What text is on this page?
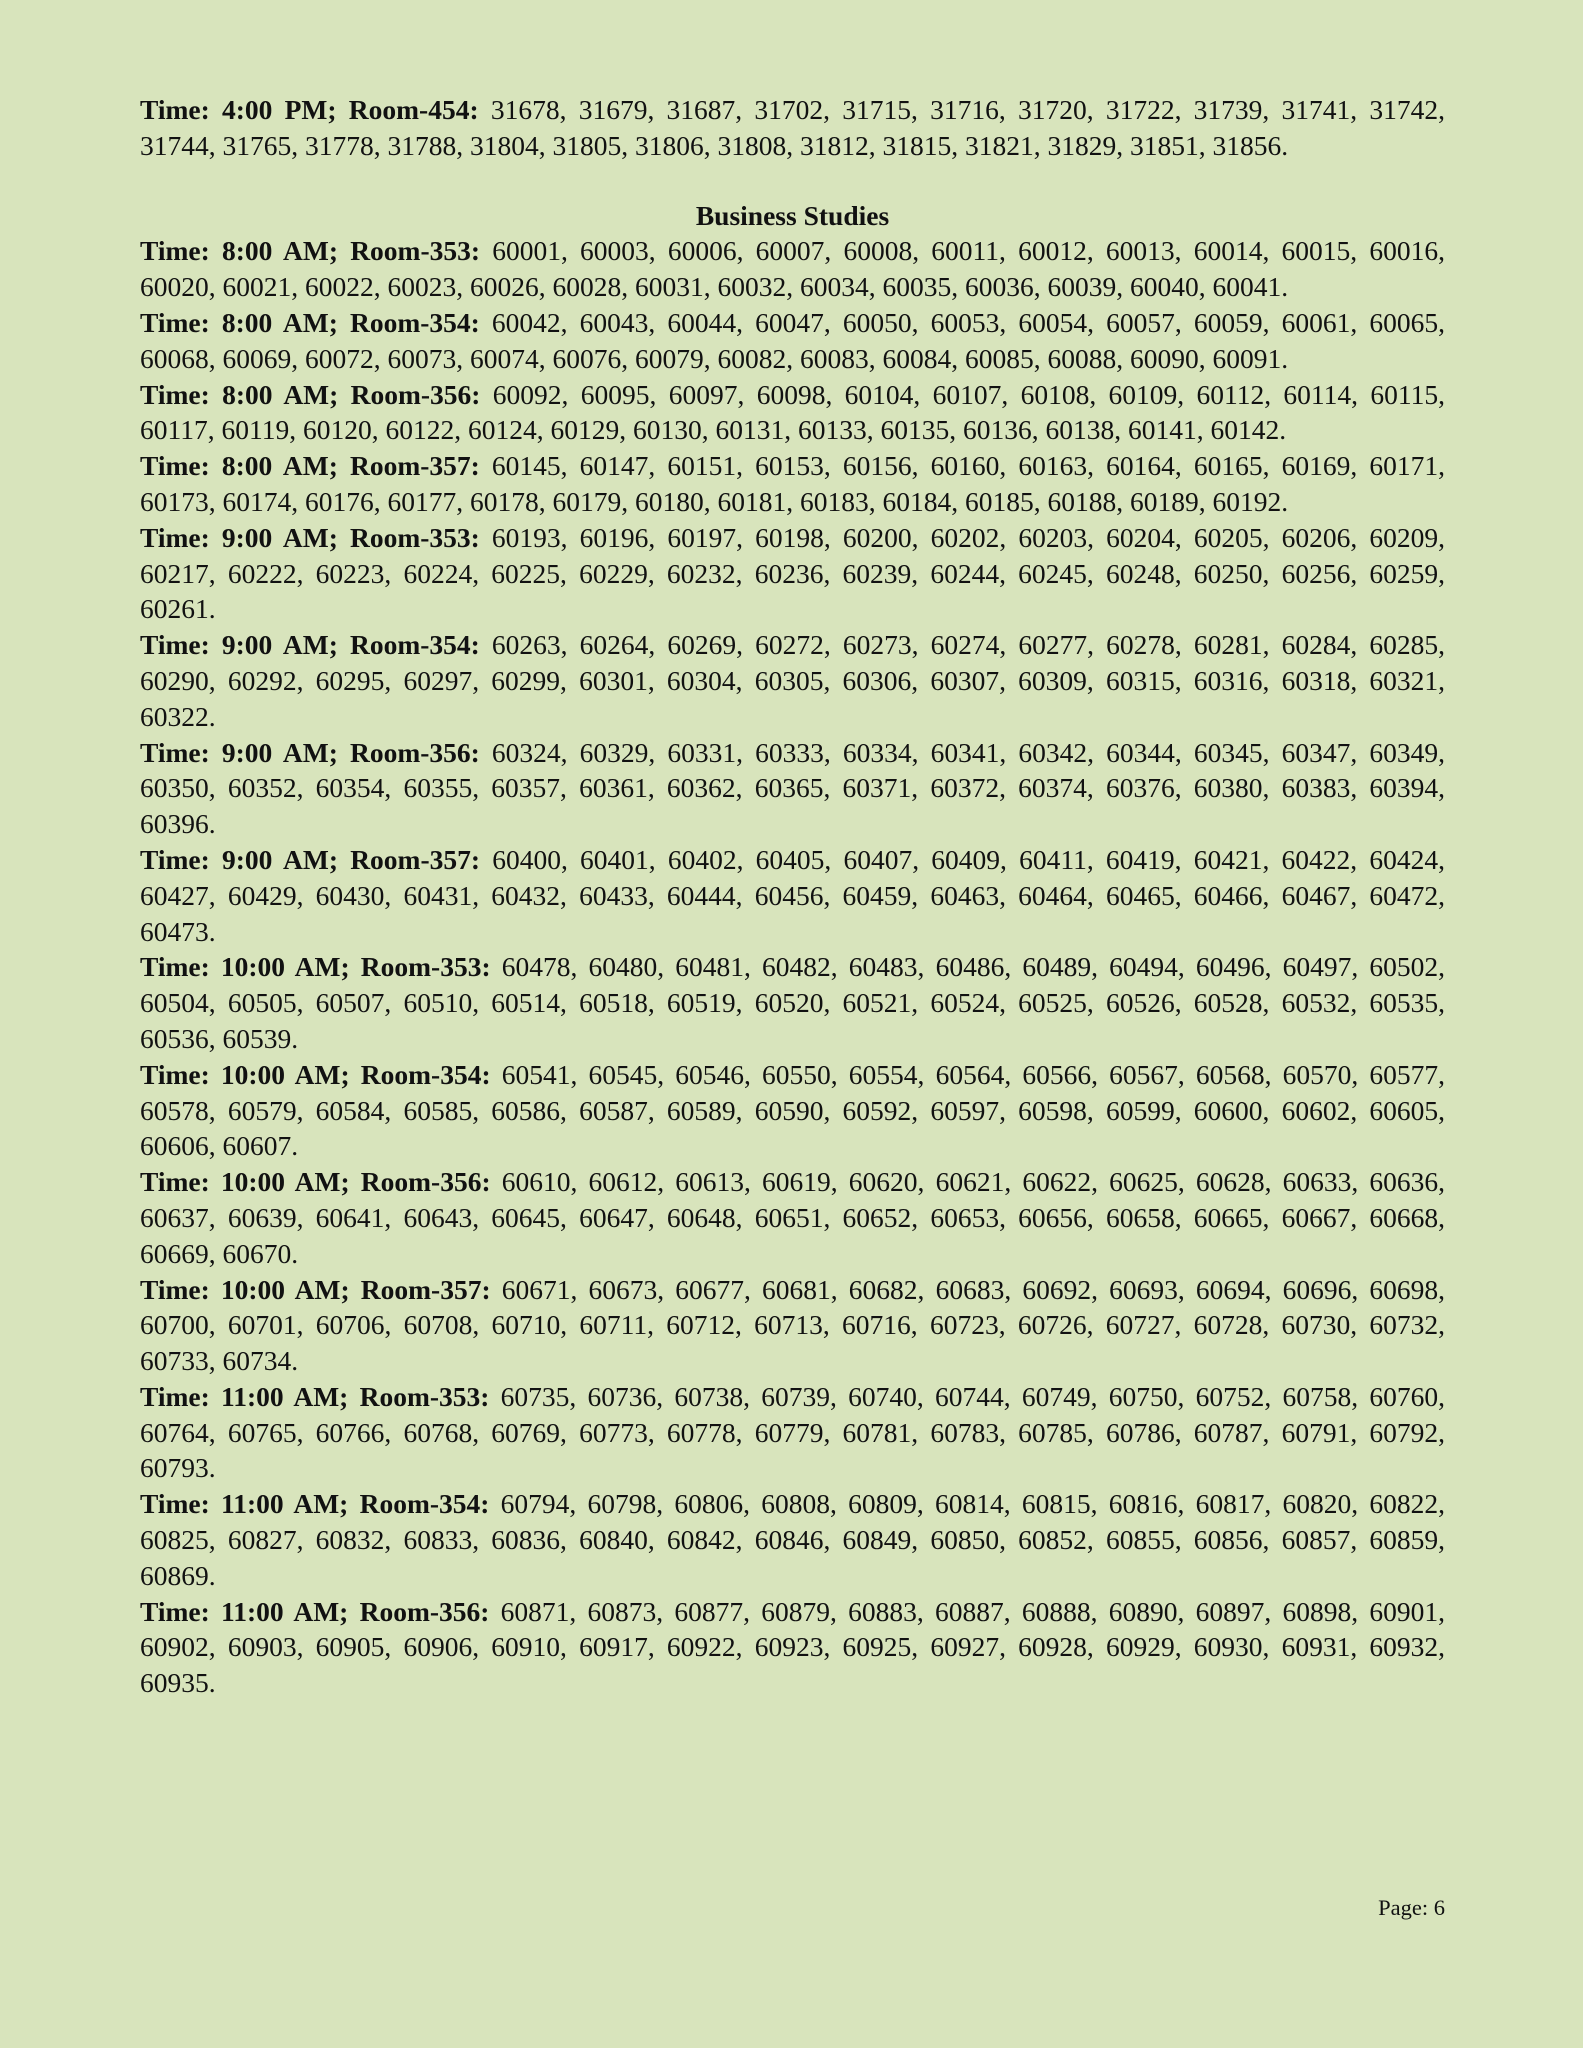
Time: 4:00 PM; Room-454: 31678, 31679, 31687, 31702, 31715, 31716, 31720, 31722, 31739, 31741, 31742, 31744, 31765, 31778, 31788, 31804, 31805, 31806, 31808, 31812, 31815, 31821, 31829, 31851, 31856.

Business Studies

Time: 8:00 AM; Room-353: 60001, 60003, 60006, 60007, 60008, 60011, 60012, 60013, 60014, 60015, 60016, 60020, 60021, 60022, 60023, 60026, 60028, 60031, 60032, 60034, 60035, 60036, 60039, 60040, 60041.

Time: 8:00 AM; Room-354: 60042, 60043, 60044, 60047, 60050, 60053, 60054, 60057, 60059, 60061, 60065, 60068, 60069, 60072, 60073, 60074, 60076, 60079, 60082, 60083, 60084, 60085, 60088, 60090, 60091.

Time: 8:00 AM; Room-356: 60092, 60095, 60097, 60098, 60104, 60107, 60108, 60109, 60112, 60114, 60115, 60117, 60119, 60120, 60122, 60124, 60129, 60130, 60131, 60133, 60135, 60136, 60138, 60141, 60142.

Time: 8:00 AM; Room-357: 60145, 60147, 60151, 60153, 60156, 60160, 60163, 60164, 60165, 60169, 60171, 60173, 60174, 60176, 60177, 60178, 60179, 60180, 60181, 60183, 60184, 60185, 60188, 60189, 60192.

Time: 9:00 AM; Room-353: 60193, 60196, 60197, 60198, 60200, 60202, 60203, 60204, 60205, 60206, 60209, 60217, 60222, 60223, 60224, 60225, 60229, 60232, 60236, 60239, 60244, 60245, 60248, 60250, 60256, 60259, 60261.

Time: 9:00 AM; Room-354: 60263, 60264, 60269, 60272, 60273, 60274, 60277, 60278, 60281, 60284, 60285, 60290, 60292, 60295, 60297, 60299, 60301, 60304, 60305, 60306, 60307, 60309, 60315, 60316, 60318, 60321, 60322.

Time: 9:00 AM; Room-356: 60324, 60329, 60331, 60333, 60334, 60341, 60342, 60344, 60345, 60347, 60349, 60350, 60352, 60354, 60355, 60357, 60361, 60362, 60365, 60371, 60372, 60374, 60376, 60380, 60383, 60394, 60396.

Time: 9:00 AM; Room-357: 60400, 60401, 60402, 60405, 60407, 60409, 60411, 60419, 60421, 60422, 60424, 60427, 60429, 60430, 60431, 60432, 60433, 60444, 60456, 60459, 60463, 60464, 60465, 60466, 60467, 60472, 60473.

Time: 10:00 AM; Room-353: 60478, 60480, 60481, 60482, 60483, 60486, 60489, 60494, 60496, 60497, 60502, 60504, 60505, 60507, 60510, 60514, 60518, 60519, 60520, 60521, 60524, 60525, 60526, 60528, 60532, 60535, 60536, 60539.

Time: 10:00 AM; Room-354: 60541, 60545, 60546, 60550, 60554, 60564, 60566, 60567, 60568, 60570, 60577, 60578, 60579, 60584, 60585, 60586, 60587, 60589, 60590, 60592, 60597, 60598, 60599, 60600, 60602, 60605, 60606, 60607.

Time: 10:00 AM; Room-356: 60610, 60612, 60613, 60619, 60620, 60621, 60622, 60625, 60628, 60633, 60636, 60637, 60639, 60641, 60643, 60645, 60647, 60648, 60651, 60652, 60653, 60656, 60658, 60665, 60667, 60668, 60669, 60670.

Time: 10:00 AM; Room-357: 60671, 60673, 60677, 60681, 60682, 60683, 60692, 60693, 60694, 60696, 60698, 60700, 60701, 60706, 60708, 60710, 60711, 60712, 60713, 60716, 60723, 60726, 60727, 60728, 60730, 60732, 60733, 60734.

Time: 11:00 AM; Room-353: 60735, 60736, 60738, 60739, 60740, 60744, 60749, 60750, 60752, 60758, 60760, 60764, 60765, 60766, 60768, 60769, 60773, 60778, 60779, 60781, 60783, 60785, 60786, 60787, 60791, 60792, 60793.

Time: 11:00 AM; Room-354: 60794, 60798, 60806, 60808, 60809, 60814, 60815, 60816, 60817, 60820, 60822, 60825, 60827, 60832, 60833, 60836, 60840, 60842, 60846, 60849, 60850, 60852, 60855, 60856, 60857, 60859, 60869.

Time: 11:00 AM; Room-356: 60871, 60873, 60877, 60879, 60883, 60887, 60888, 60890, 60897, 60898, 60901, 60902, 60903, 60905, 60906, 60910, 60917, 60922, 60923, 60925, 60927, 60928, 60929, 60930, 60931, 60932, 60935.

Page: 6
